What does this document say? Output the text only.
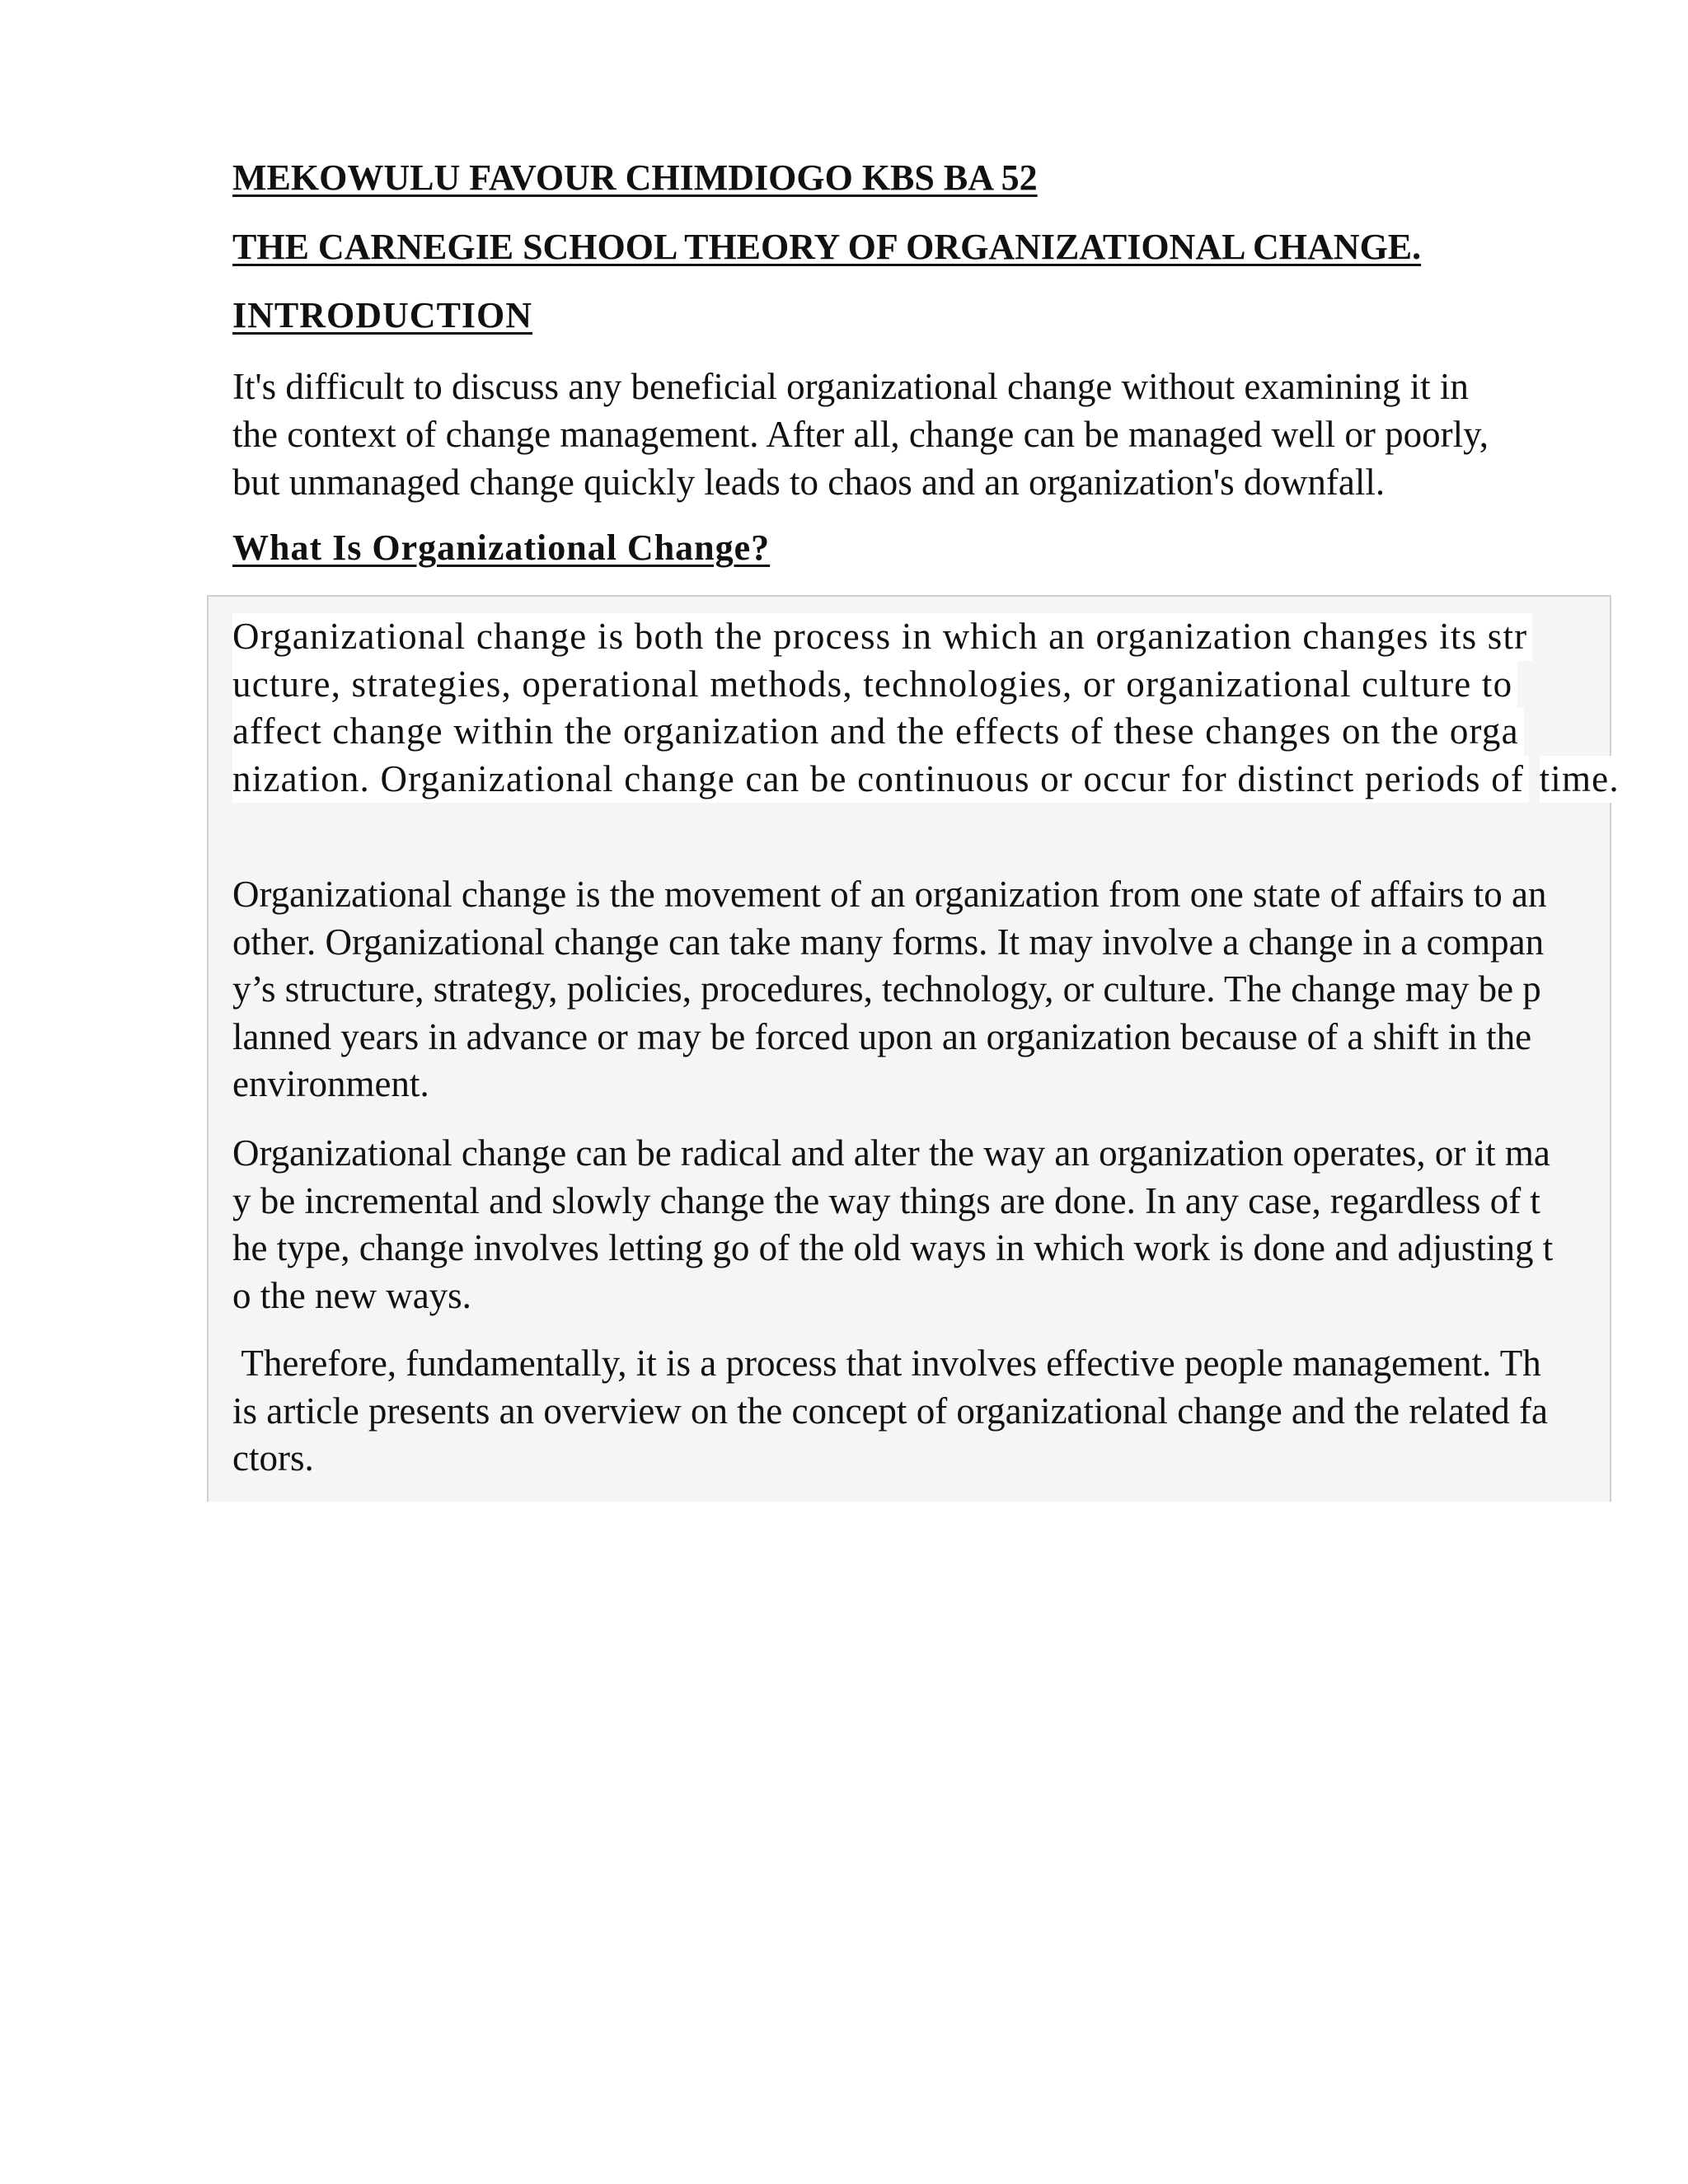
MEKOWULU FAVOUR CHIMDIOGO KBS BA 52
THE CARNEGIE SCHOOL THEORY OF ORGANIZATIONAL CHANGE.
INTRODUCTION

It's difficult to discuss any beneficial organizational change without examining it in
the context of change management. After all, change can be managed well or poorly,
but unmanaged change quickly leads to chaos and an organization's downfall.

What Is Organizational Change?

Organizational change is both the process in which an organization changes its str ucture, strategies, operational methods, technologies, or organizational culture to affect change within the organization and the effects of these changes on the orga nization. Organizational change can be continuous or occur for distinct periods of time.

Organizational change is the movement of an organization from one state of affairs to an
other. Organizational change can take many forms. It may involve a change in a compan
y’s structure, strategy, policies, procedures, technology, or culture. The change may be p
lanned years in advance or may be forced upon an organization because of a shift in the
environment.

Organizational change can be radical and alter the way an organization operates, or it ma
y be incremental and slowly change the way things are done. In any case, regardless of t
he type, change involves letting go of the old ways in which work is done and adjusting t
o the new ways.

Therefore, fundamentally, it is a process that involves effective people management. Th
is article presents an overview on the concept of organizational change and the related fa
ctors.
